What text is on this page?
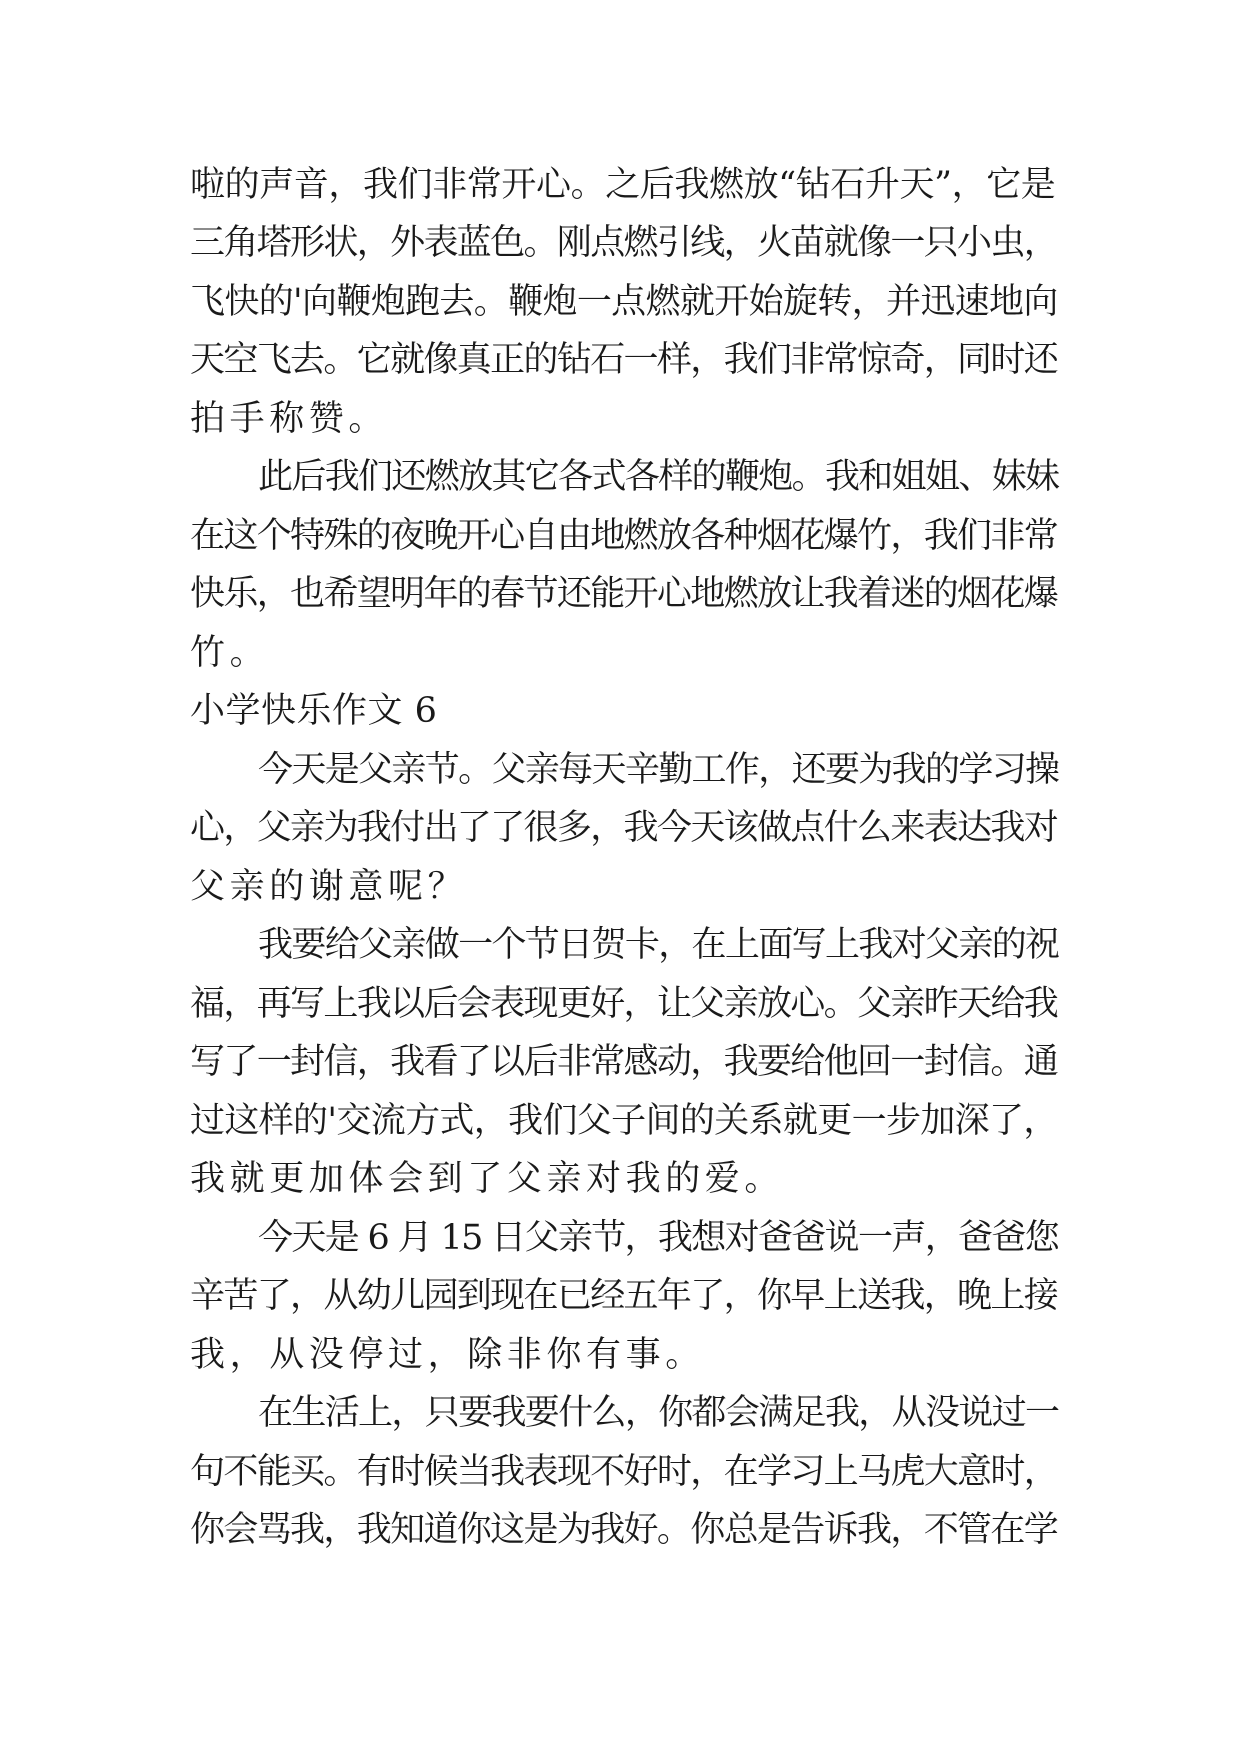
啦的声音，我们非常开心。之后我燃放“钻石升天”，它是
三角塔形状，外表蓝色。刚点燃引线，火苗就像一只小虫，
飞快的'向鞭炮跑去。鞭炮一点燃就开始旋转，并迅速地向
天空飞去。它就像真正的钻石一样，我们非常惊奇，同时还
拍手称赞。
此后我们还燃放其它各式各样的鞭炮。我和姐姐、妹妹
在这个特殊的夜晚开心自由地燃放各种烟花爆竹，我们非常
快乐，也希望明年的春节还能开心地燃放让我着迷的烟花爆
竹。
小学快乐作文 6
今天是父亲节。父亲每天辛勤工作，还要为我的学习操
心，父亲为我付出了了很多，我今天该做点什么来表达我对
父亲的谢意呢？
我要给父亲做一个节日贺卡，在上面写上我对父亲的祝
福，再写上我以后会表现更好，让父亲放心。父亲昨天给我
写了一封信，我看了以后非常感动，我要给他回一封信。通
过这样的'交流方式，我们父子间的关系就更一步加深了，
我就更加体会到了父亲对我的爱。
今天是 6 月 15 日父亲节，我想对爸爸说一声，爸爸您
辛苦了，从幼儿园到现在已经五年了，你早上送我，晚上接
我，从没停过，除非你有事。
在生活上，只要我要什么，你都会满足我，从没说过一
句不能买。有时候当我表现不好时，在学习上马虎大意时，
你会骂我，我知道你这是为我好。你总是告诉我，不管在学
